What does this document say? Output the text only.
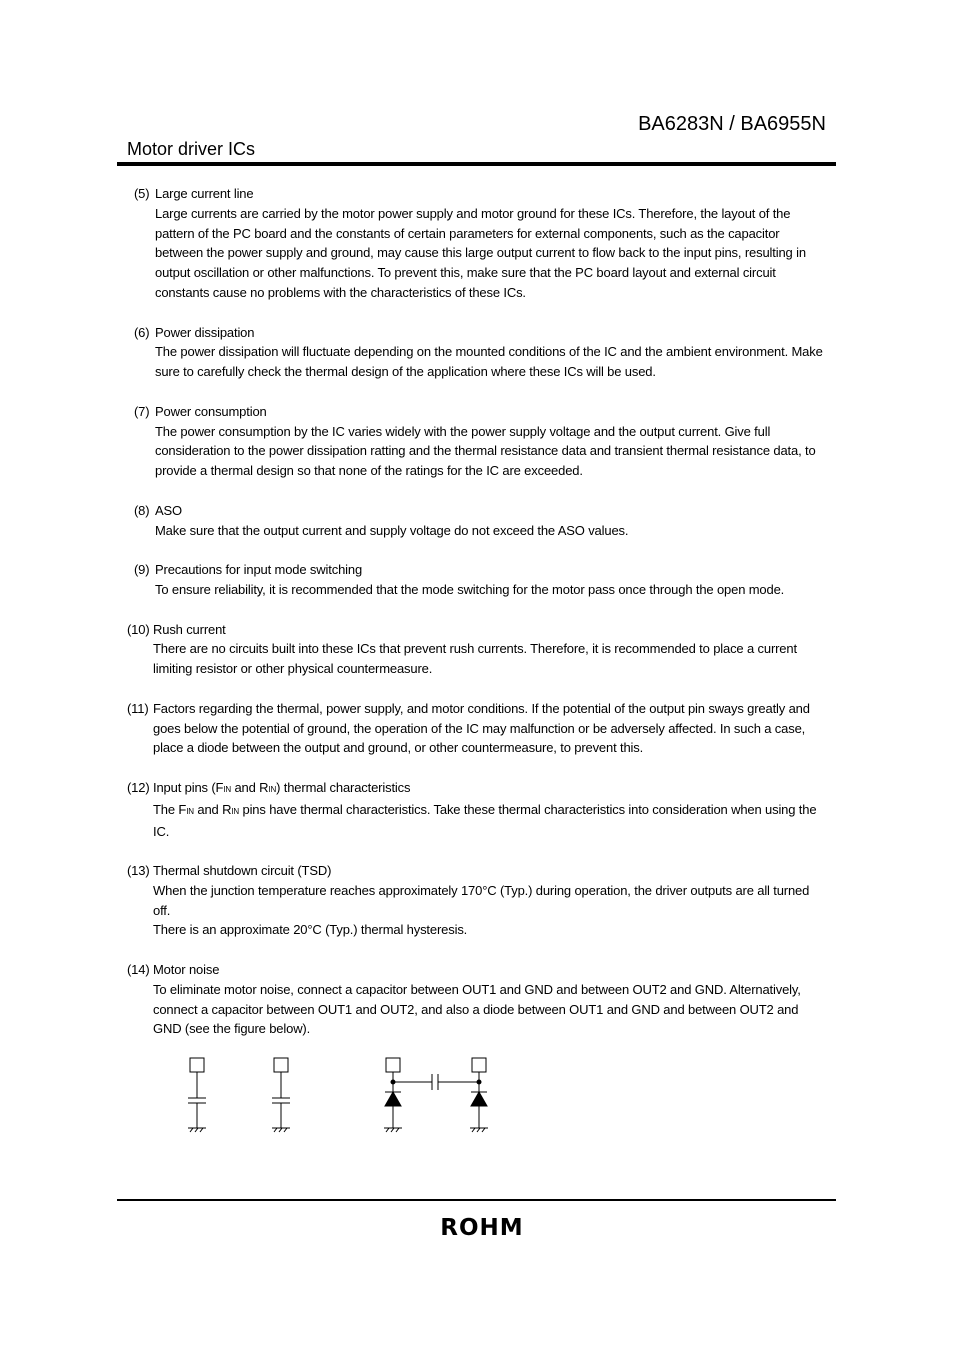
BA6283N / BA6955N
Motor driver ICs
(5) Large current line
Large currents are carried by the motor power supply and motor ground for these ICs. Therefore, the layout of the pattern of the PC board and the constants of certain parameters for external components, such as the capacitor between the power supply and ground, may cause this large output current to flow back to the input pins, resulting in output oscillation or other malfunctions. To prevent this, make sure that the PC board layout and external circuit constants cause no problems with the characteristics of these ICs.
(6) Power dissipation
The power dissipation will fluctuate depending on the mounted conditions of the IC and the ambient environment. Make sure to carefully check the thermal design of the application where these ICs will be used.
(7) Power consumption
The power consumption by the IC varies widely with the power supply voltage and the output current. Give full consideration to the power dissipation ratting and the thermal resistance data and transient thermal resistance data, to provide a thermal design so that none of the ratings for the IC are exceeded.
(8) ASO
Make sure that the output current and supply voltage do not exceed the ASO values.
(9) Precautions for input mode switching
To ensure reliability, it is recommended that the mode switching for the motor pass once through the open mode.
(10) Rush current
There are no circuits built into these ICs that prevent rush currents. Therefore, it is recommended to place a current limiting resistor or other physical countermeasure.
(11) Factors regarding the thermal, power supply, and motor conditions. If the potential of the output pin sways greatly and
goes below the potential of ground, the operation of the IC may malfunction or be adversely affected. In such a case, place a diode between the output and ground, or other countermeasure, to prevent this.
(12) Input pins (FIN and RIN) thermal characteristics
The FIN and RIN pins have thermal characteristics. Take these thermal characteristics into consideration when using the IC.
(13) Thermal shutdown circuit (TSD)
When the junction temperature reaches approximately 170°C (Typ.) during operation, the driver outputs are all turned off.
There is an approximate 20°C (Typ.) thermal hysteresis.
(14) Motor noise
To eliminate motor noise, connect a capacitor between OUT1 and GND and between OUT2 and GND. Alternatively, connect a capacitor between OUT1 and OUT2, and also a diode between OUT1 and GND and between OUT2 and GND (see the figure below).
ROHM
